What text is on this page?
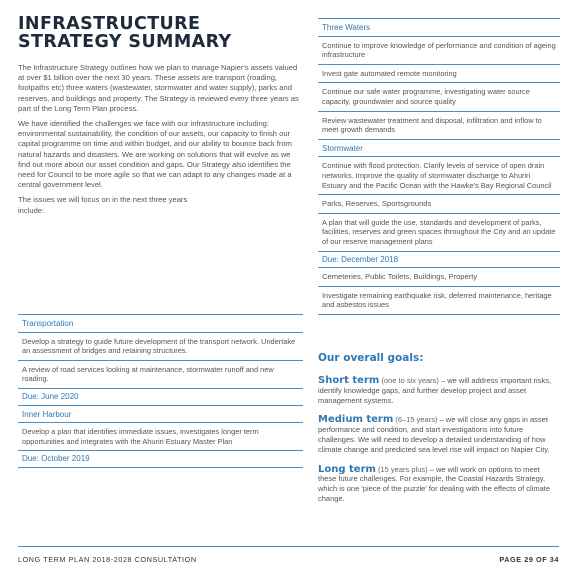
INFRASTRUCTURE
STRATEGY SUMMARY

The Infrastructure Strategy outlines how we plan to manage Napier's assets valued at over $1 billion over the next 30 years. These assets are transport (roading, footpaths etc) three waters (wastewater, stormwater and water supply), parks and reserves, and buildings and property. The Strategy is reviewed every three years as part of the Long Term Plan process.

We have identified the challenges we face with our infrastructure including: environmental sustainability, the condition of our assets, our capacity to finish our capital programme on time and within budget, and our ability to bounce back from natural hazards and disasters. We are working on solutions that will evolve as we find out more about our asset condition and gaps. Our Strategy also identifies the need for Council to be more agile so that we can adapt to any changes made at a central government level.

The issues we will focus on in the next three years include:

Transportation
Develop a strategy to guide future development of the transport network. Undertake an assessment of bridges and retaining structures.
A review of road services looking at maintenance, stormwater runoff and new roading.
Due: June 2020
Inner Harbour
Develop a plan that identifies immediate issues, investigates longer term opportunities and integrates with the Ahuriri Estuary Master Plan
Due: October 2019
Three Waters
Continue to improve knowledge of performance and condition of ageing infrastructure
Invest gate automated remote monitoring
Continue our safe water programme, investigating water source capacity, groundwater and source quality
Review wastewater treatment and disposal, infiltration and inflow to meet growth demands
Stormwater
Continue with flood protection. Clarify levels of service of open drain networks. Improve the quality of stormwater discharge to Ahuriri Estuary and the Pacific Ocean with the Hawke's Bay Regional Council
Parks, Reserves, Sportsgrounds
A plan that will guide the use, standards and development of parks, facilities, reserves and green spaces throughout the City and an update of our reserve management plans
Due: December 2018
Cemeteries, Public Toilets, Buildings, Property
Investigate remaining earthquake risk, deferred maintenance, heritage and asbestos issues
Our overall goals:
Short term (one to six years) – we will address important risks, identify knowledge gaps, and further develop project and asset management systems.
Medium term (6–15 years) – we will close any gaps in asset performance and condition, and start investigations into future challenges. We will need to develop a detailed understanding of how climate change and predicted sea level rise will impact on Napier City.
Long term (15 years plus) – we will work on options to meet these future challenges. For example, the Coastal Hazards Strategy, which is one 'piece of the puzzle' for dealing with the effects of climate change.
LONG TERM PLAN 2018-2028 CONSULTATION	PAGE 29 OF 34
